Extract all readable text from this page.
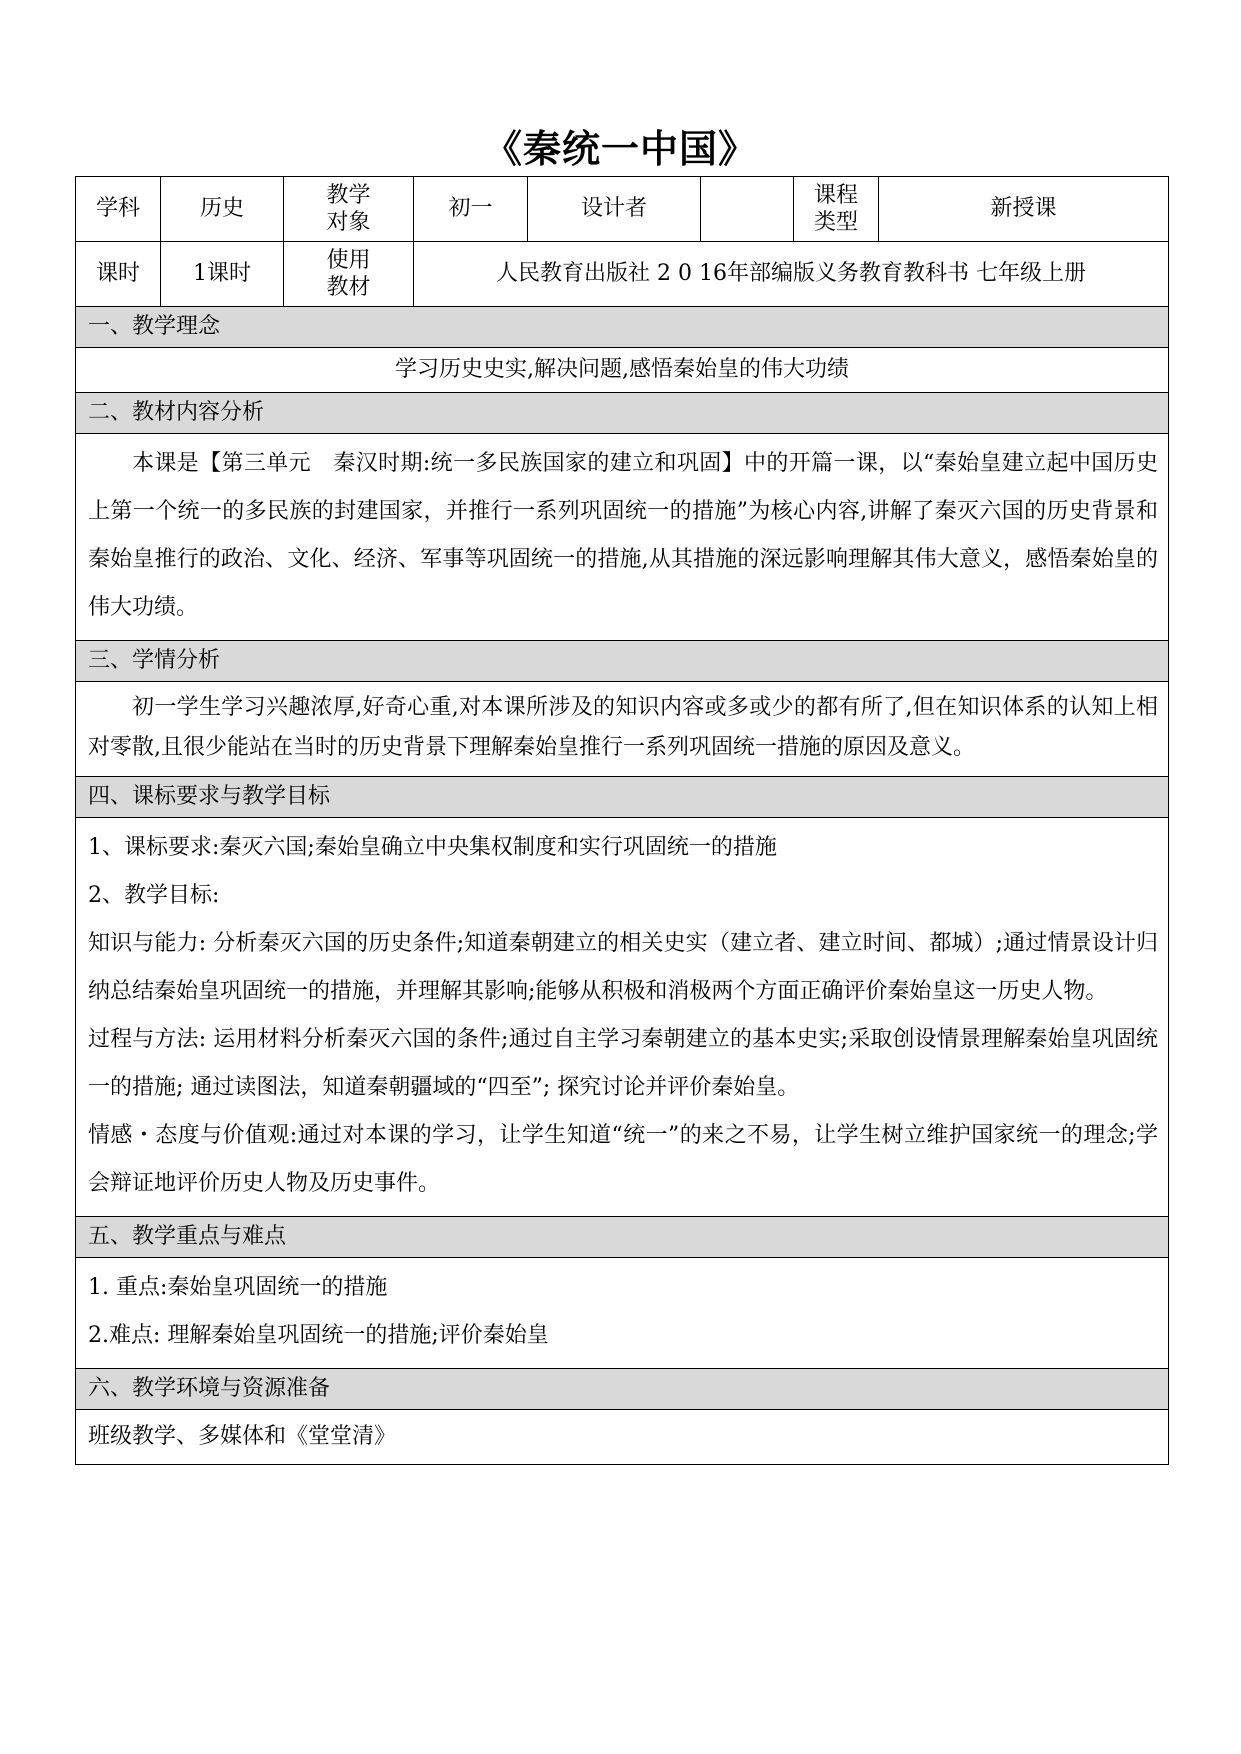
《秦统一中国》
学科	历史	教学对象	初一	设计者		课程类型	新授课
课时	1课时	使用教材	人民教育出版社 2 0 16年部编版义务教育教科书 七年级上册				
一、教学理念							
学习历史史实,解决问题,感悟秦始皇的伟大功绩							
二、教材内容分析							
本课是【第三单元　秦汉时期:统一多民族国家的建立和巩固】中的开篇一课，以“秦始皇建立起中国历史上第一个统一的多民族的封建国家，并推行一系列巩固统一的措施”为核心内容,讲解了秦灭六国的历史背景和秦始皇推行的政治、文化、经济、军事等巩固统一的措施,从其措施的深远影响理解其伟大意义，感悟秦始皇的伟大功绩。							
三、学情分析							
初一学生学习兴趣浓厚,好奇心重,对本课所涉及的知识内容或多或少的都有所了,但在知识体系的认知上相对零散,且很少能站在当时的历史背景下理解秦始皇推行一系列巩固统一措施的原因及意义。							
四、课标要求与教学目标							

1、课标要求:秦灭六国;秦始皇确立中央集权制度和实行巩固统一的措施
2、教学目标:
知识与能力: 分析秦灭六国的历史条件;知道秦朝建立的相关史实（建立者、建立时间、都城）;通过情景设计归纳总结秦始皇巩固统一的措施，并理解其影响;能够从积极和消极两个方面正确评价秦始皇这一历史人物。
过程与方法: 运用材料分析秦灭六国的条件;通过自主学习秦朝建立的基本史实;采取创设情景理解秦始皇巩固统一的措施; 通过读图法，知道秦朝疆域的“四至”; 探究讨论并评价秦始皇。
情感・态度与价值观:通过对本课的学习，让学生知道“统一”的来之不易，让学生树立维护国家统一的理念;学会辩证地评价历史人物及历史事件。							

五、教学重点与难点							

1. 重点:秦始皇巩固统一的措施
2.难点: 理解秦始皇巩固统一的措施;评价秦始皇							

六、教学环境与资源准备							
班级教学、多媒体和《堂堂清》							
